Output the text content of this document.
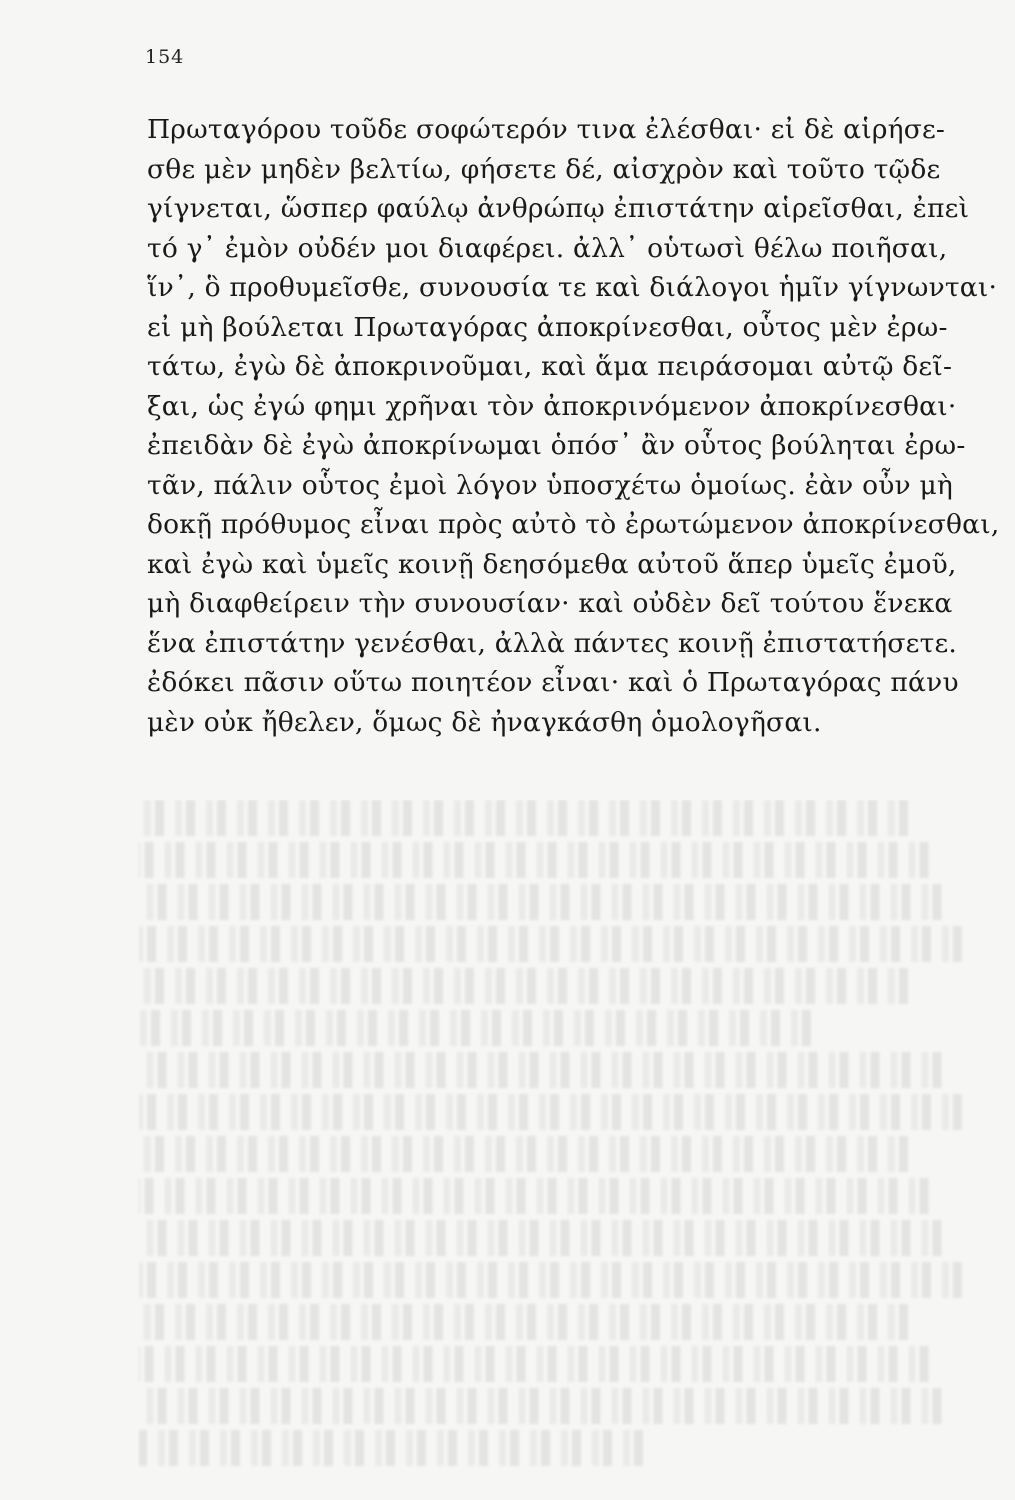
154
Πρωταγόρου τοῦδε σοφώτερόν τινα ἐλέσθαι· εἰ δὲ αἱρήσε-
σθε μὲν μηδὲν βελτίω, φήσετε δέ, αἰσχρὸν καὶ τοῦτο τῷδε
γίγνεται, ὥσπερ φαύλῳ ἀνθρώπῳ ἐπιστάτην αἱρεῖσθαι, ἐπεὶ
τό γ᾽ ἐμὸν οὐδέν μοι διαφέρει. ἀλλ᾽ οὑτωσὶ θέλω ποιῆσαι,
ἵν᾽, ὃ προθυμεῖσθε, συνουσία τε καὶ διάλογοι ἡμῖν γίγνωνται·
εἰ μὴ βούλεται Πρωταγόρας ἀποκρίνεσθαι, οὗτος μὲν ἐρω-
τάτω, ἐγὼ δὲ ἀποκρινοῦμαι, καὶ ἅμα πειράσομαι αὐτῷ δεῖ-
ξαι, ὡς ἐγώ φημι χρῆναι τὸν ἀποκρινόμενον ἀποκρίνεσθαι·
ἐπειδὰν δὲ ἐγὼ ἀποκρίνωμαι ὁπόσ᾽ ἂν οὗτος βούληται ἐρω-
τᾶν, πάλιν οὗτος ἐμοὶ λόγον ὑποσχέτω ὁμοίως. ἐὰν οὖν μὴ
δοκῇ πρόθυμος εἶναι πρὸς αὐτὸ τὸ ἐρωτώμενον ἀποκρίνεσθαι,
καὶ ἐγὼ καὶ ὑμεῖς κοινῇ δεησόμεθα αὐτοῦ ἅπερ ὑμεῖς ἐμοῦ,
μὴ διαφθείρειν τὴν συνουσίαν· καὶ οὐδὲν δεῖ τούτου ἕνεκα
ἕνα ἐπιστάτην γενέσθαι, ἀλλὰ πάντες κοινῇ ἐπιστατήσετε.
ἐδόκει πᾶσιν οὕτω ποιητέον εἶναι· καὶ ὁ Πρωταγόρας πάνυ
μὲν οὐκ ἤθελεν, ὅμως δὲ ἠναγκάσθη ὁμολογῆσαι.
